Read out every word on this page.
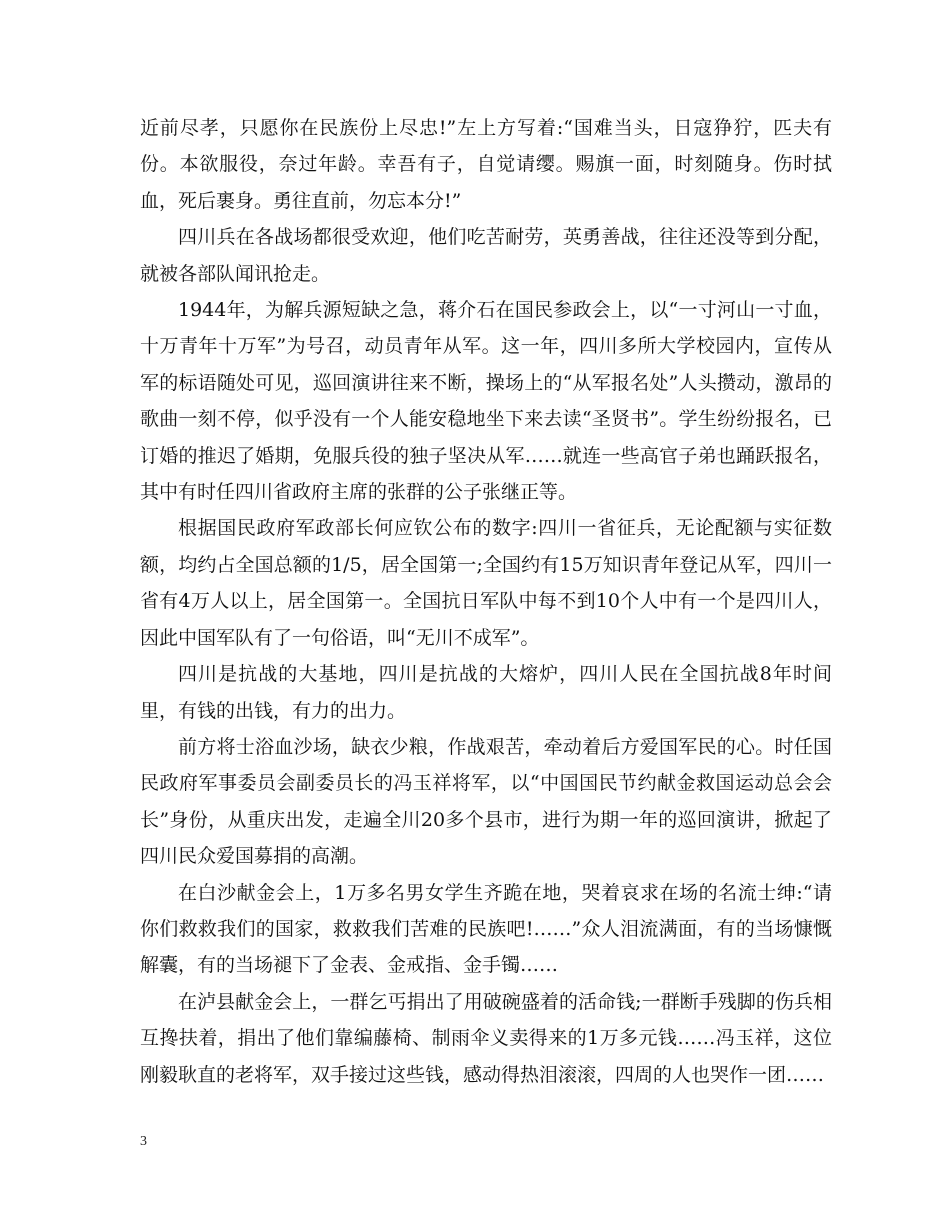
近前尽孝，只愿你在民族份上尽忠!”左上方写着:“国难当头，日寇狰狞，匹夫有份。本欲服役，奈过年龄。幸吾有子，自觉请缨。赐旗一面，时刻随身。伤时拭血，死后裹身。勇往直前，勿忘本分!”

四川兵在各战场都很受欢迎，他们吃苦耐劳，英勇善战，往往还没等到分配，就被各部队闻讯抢走。

1944年，为解兵源短缺之急，蒋介石在国民参政会上，以“一寸河山一寸血，十万青年十万军”为号召，动员青年从军。这一年，四川多所大学校园内，宣传从军的标语随处可见，巡回演讲往来不断，操场上的“从军报名处”人头攒动，激昂的歌曲一刻不停，似乎没有一个人能安稳地坐下来去读“圣贤书”。学生纷纷报名，已订婚的推迟了婚期，免服兵役的独子坚决从军……就连一些高官子弟也踊跃报名，其中有时任四川省政府主席的张群的公子张继正等。

根据国民政府军政部长何应钦公布的数字:四川一省征兵，无论配额与实征数额，均约占全国总额的1/5，居全国第一;全国约有15万知识青年登记从军，四川一省有4万人以上，居全国第一。全国抗日军队中每不到10个人中有一个是四川人，因此中国军队有了一句俗语，叫“无川不成军”。

四川是抗战的大基地，四川是抗战的大熔炉，四川人民在全国抗战8年时间里，有钱的出钱，有力的出力。

前方将士浴血沙场，缺衣少粮，作战艰苦，牵动着后方爱国军民的心。时任国民政府军事委员会副委员长的冯玉祥将军，以“中国国民节约献金救国运动总会会长”身份，从重庆出发，走遍全川20多个县市，进行为期一年的巡回演讲，掀起了四川民众爱国募捐的高潮。

在白沙献金会上，1万多名男女学生齐跪在地，哭着哀求在场的名流士绅:“请你们救救我们的国家，救救我们苦难的民族吧!……”众人泪流满面，有的当场慷慨解囊，有的当场褪下了金表、金戒指、金手镯……

在泸县献金会上，一群乞丐捐出了用破碗盛着的活命钱;一群断手残脚的伤兵相互搀扶着，捐出了他们靠编藤椅、制雨伞义卖得来的1万多元钱……冯玉祥，这位刚毅耿直的老将军，双手接过这些钱，感动得热泪滚滚，四周的人也哭作一团……

3
